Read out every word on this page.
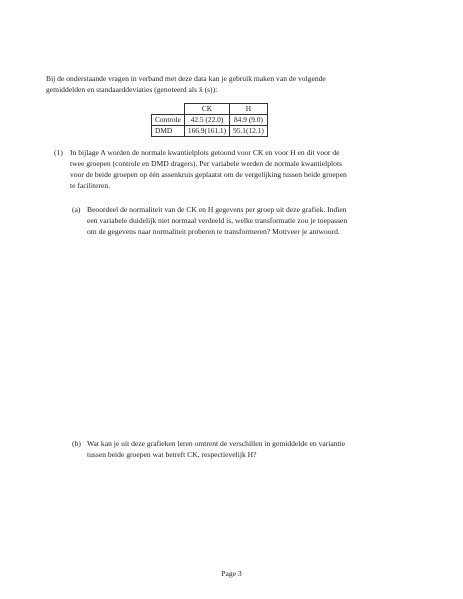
Bij de onderstaande vragen in verband met deze data kan je gebruik maken van de volgende
gemiddelden en standaarddeviaties (genoteerd als x̄ (s)):
	CK	H
Controle	42.5 (22.0)	84.9 (9.0)
DMD	166.9(161.1)	95.1(12.1)
(1) In bijlage A worden de normale kwantielplots getoond voor CK en voor H en dit voor de
twee groepen (controle en DMD dragers). Per variabele werden de normale kwantielplots
voor de beide groepen op één assenkruis geplaatst om de vergelijking tussen beide groepen
te faciliteren.
(a) Beoordeel de normaliteit van de CK en H gegevens per groep uit deze grafiek. Indien
een variabele duidelijk niet normaal verdeeld is, welke transformatie zou je toepassen
om de gegevens naar normaliteit proberen te transformeren? Motiveer je antwoord.
(b) Wat kan je uit deze grafieken leren omtrent de verschillen in gemiddelde en variantie
tussen beide groepen wat betreft CK, respectievelijk H?
Page 3
